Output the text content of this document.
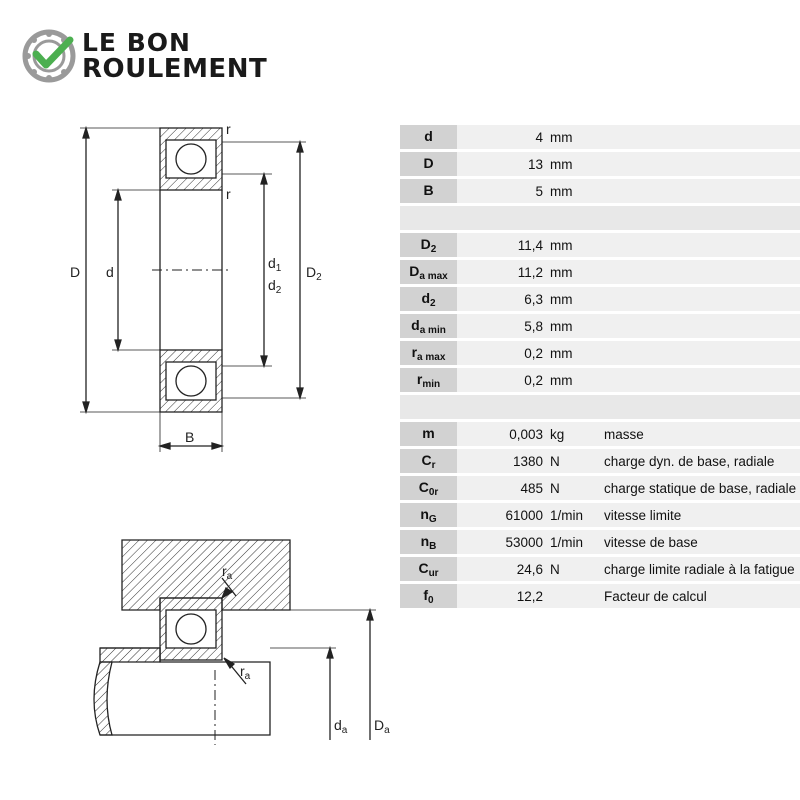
LE BON
ROULEMENT
D d
$d_1$
$d_2$
$D_2$
B
r
r
$r_a$
$r_a$
$d_a$ $D_a$
d	4	mm	
D	13	mm	
B	5	mm	

$D_2$	11,4	mm	
$D_{a max}$	11,2	mm	
$d_2$	6,3	mm	
$d_{a min}$	5,8	mm	
$r_{a max}$	0,2	mm	
$r_{min}$	0,2	mm	

m	0,003	kg	masse
$C_r$	1380	N	charge dyn. de base, radiale
$C_{0r}$	485	N	charge statique de base, radiale
$n_G$	61000	1/min	vitesse limite
$n_B$	53000	1/min	vitesse de base
$C_{ur}$	24,6	N	charge limite radiale à la fatigue
$f_0$	12,2		Facteur de calcul
